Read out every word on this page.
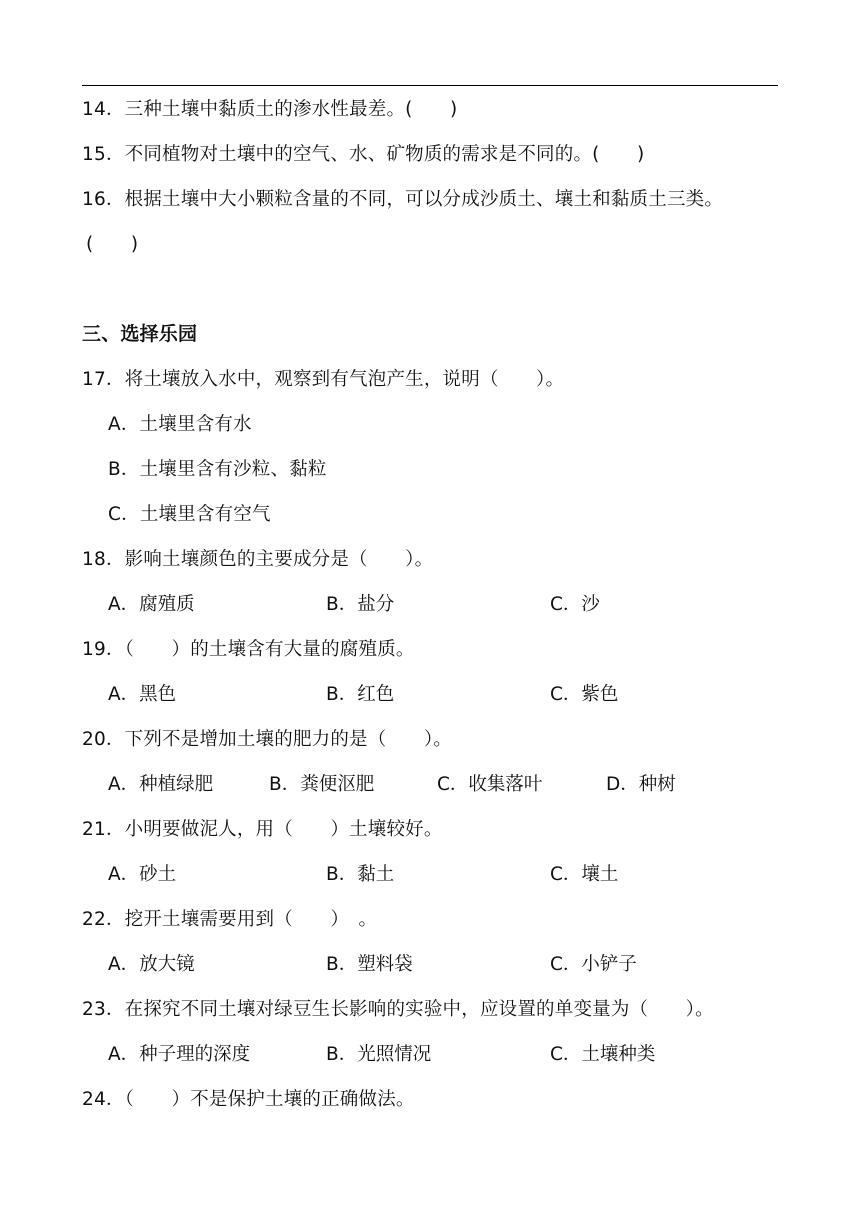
14．三种土壤中黏质土的渗水性最差。(　　)
15．不同植物对土壤中的空气、水、矿物质的需求是不同的。(　　)
16．根据土壤中大小颗粒含量的不同，可以分成沙质土、壤土和黏质土三类。
(　　)
三、选择乐园
17．将土壤放入水中，观察到有气泡产生，说明（　　）。
A．土壤里含有水
B．土壤里含有沙粒、黏粒
C．土壤里含有空气
18．影响土壤颜色的主要成分是（　　）。
A．腐殖质	B．盐分	C．沙
19．（　　）的土壤含有大量的腐殖质。
A．黑色	B．红色	C．紫色
20．下列不是增加土壤的肥力的是（　　）。
A．种植绿肥	B．粪便沤肥	C．收集落叶	D．种树
21．小明要做泥人，用（　　）土壤较好。
A．砂土	B．黏土	C．壤土
22．挖开土壤需要用到（　　）　。
A．放大镜	B．塑料袋	C．小铲子
23．在探究不同土壤对绿豆生长影响的实验中，应设置的单变量为（　　）。
A．种子理的深度	B．光照情况	C．土壤种类
24．（　　）不是保护土壤的正确做法。
